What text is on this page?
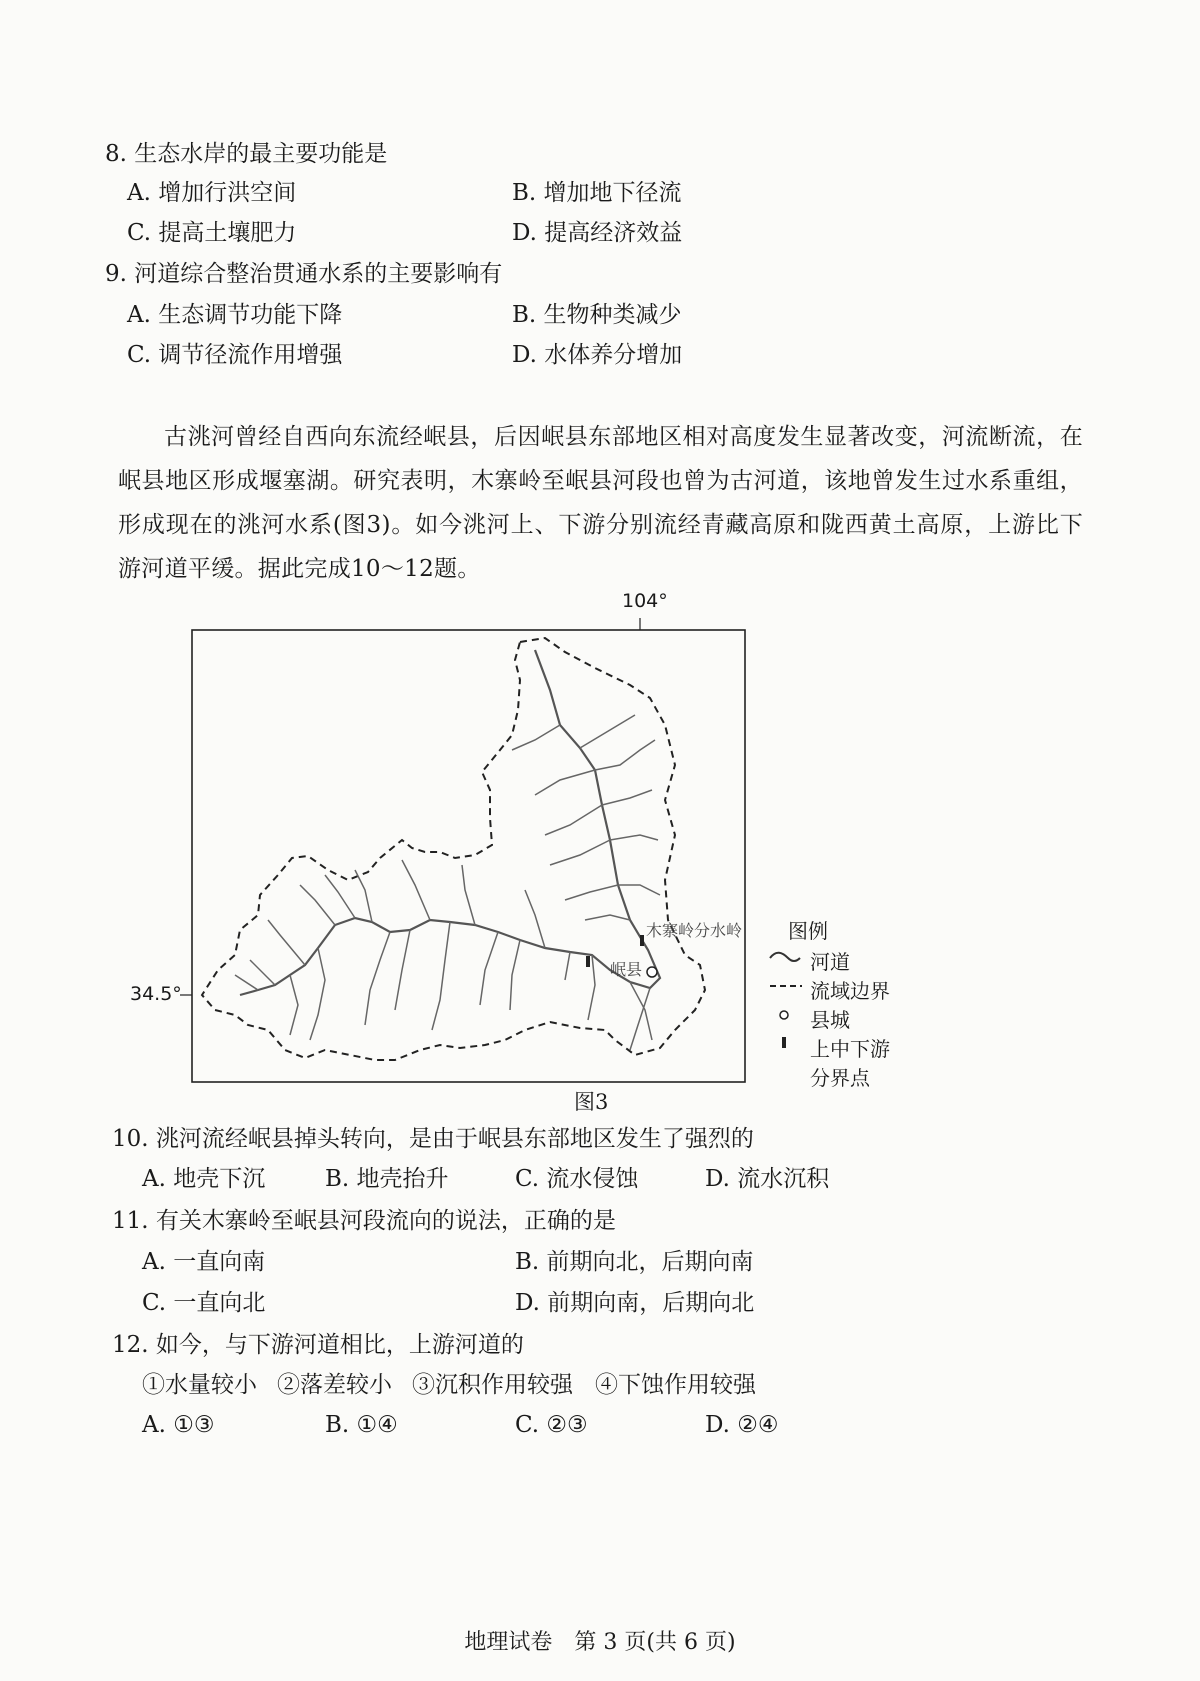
8. 生态水岸的最主要功能是
A. 增加行洪空间	B. 增加地下径流
C. 提高土壤肥力	D. 提高经济效益
9. 河道综合整治贯通水系的主要影响有
A. 生态调节功能下降	B. 生物种类减少
C. 调节径流作用增强	D. 水体养分增加
古洮河曾经自西向东流经岷县，后因岷县东部地区相对高度发生显著改变，河流断流，在岷县地区形成堰塞湖。研究表明，木寨岭至岷县河段也曾为古河道，该地曾发生过水系重组，形成现在的洮河水系(图3)。如今洮河上、下游分别流经青藏高原和陇西黄土高原，上游比下游河道平缓。据此完成10～12题。
104°
34.5°
木寨岭分水岭
岷县
图例
河道
流域边界
县城
上中下游分界点
图3
10. 洮河流经岷县掉头转向，是由于岷县东部地区发生了强烈的
A. 地壳下沉	B. 地壳抬升	C. 流水侵蚀	D. 流水沉积
11. 有关木寨岭至岷县河段流向的说法，正确的是
A. 一直向南	B. 前期向北，后期向南
C. 一直向北	D. 前期向南，后期向北
12. 如今，与下游河道相比，上游河道的
①水量较小 ②落差较小 ③沉积作用较强 ④下蚀作用较强
A. ①③	B. ①④	C. ②③	D. ②④
地理试卷　第 3 页(共 6 页)
